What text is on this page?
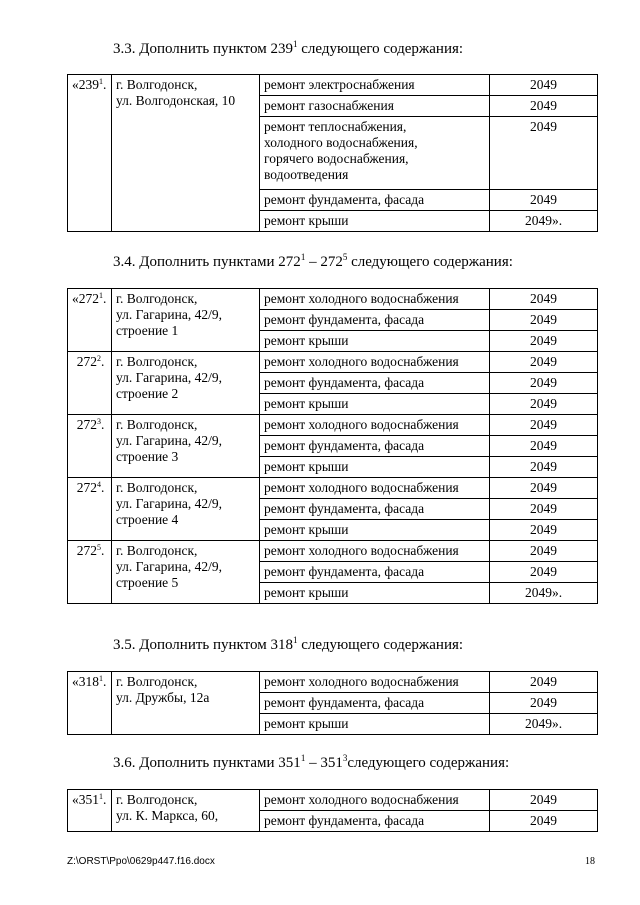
3.3. Дополнить пунктом $239^1$ следующего содержания:
«$239^1$.	г. Волгодонск,
ул. Волгодонская, 10	ремонт электроснабжения	2049

		ремонт газоснабжения	2049

		ремонт теплоснабжения,
холодного водоснабжения,
горячего водоснабжения,
водоотведения	2049

		ремонт фундамента, фасада	2049

		ремонт крыши	2049».
3.4. Дополнить пунктами $272^1 - 272^5$ следующего содержания:
«$272^1$.	г. Волгодонск,
ул. Гагарина, 42/9,
строение 1	ремонт холодного водоснабжения	2049
		ремонт фундамента, фасада	2049
		ремонт крыши	2049
$272^2$.	г. Волгодонск,
ул. Гагарина, 42/9,
строение 2	ремонт холодного водоснабжения	2049
		ремонт фундамента, фасада	2049
		ремонт крыши	2049
$272^3$.	г. Волгодонск,
ул. Гагарина, 42/9,
строение 3	ремонт холодного водоснабжения	2049
		ремонт фундамента, фасада	2049
		ремонт крыши	2049
$272^4$.	г. Волгодонск,
ул. Гагарина, 42/9,
строение 4	ремонт холодного водоснабжения	2049
		ремонт фундамента, фасада	2049
		ремонт крыши	2049
$272^5$.	г. Волгодонск,
ул. Гагарина, 42/9,
строение 5	ремонт холодного водоснабжения	2049
		ремонт фундамента, фасада	2049
		ремонт крыши	2049».
3.5. Дополнить пунктом $318^1$ следующего содержания:
«$318^1$.	г. Волгодонск,
ул. Дружбы, 12а	ремонт холодного водоснабжения	2049
		ремонт фундамента, фасада	2049
		ремонт крыши	2049».
3.6. Дополнить пунктами $351^1$ – $351^3следующего$ содержания:
«$351^1$.	г. Волгодонск,
ул. К. Маркса, 60,	ремонт холодного водоснабжения	2049
		ремонт фундамента, фасада	2049
Z:\ORST\Ppo\0629p447.f16.docx	18
